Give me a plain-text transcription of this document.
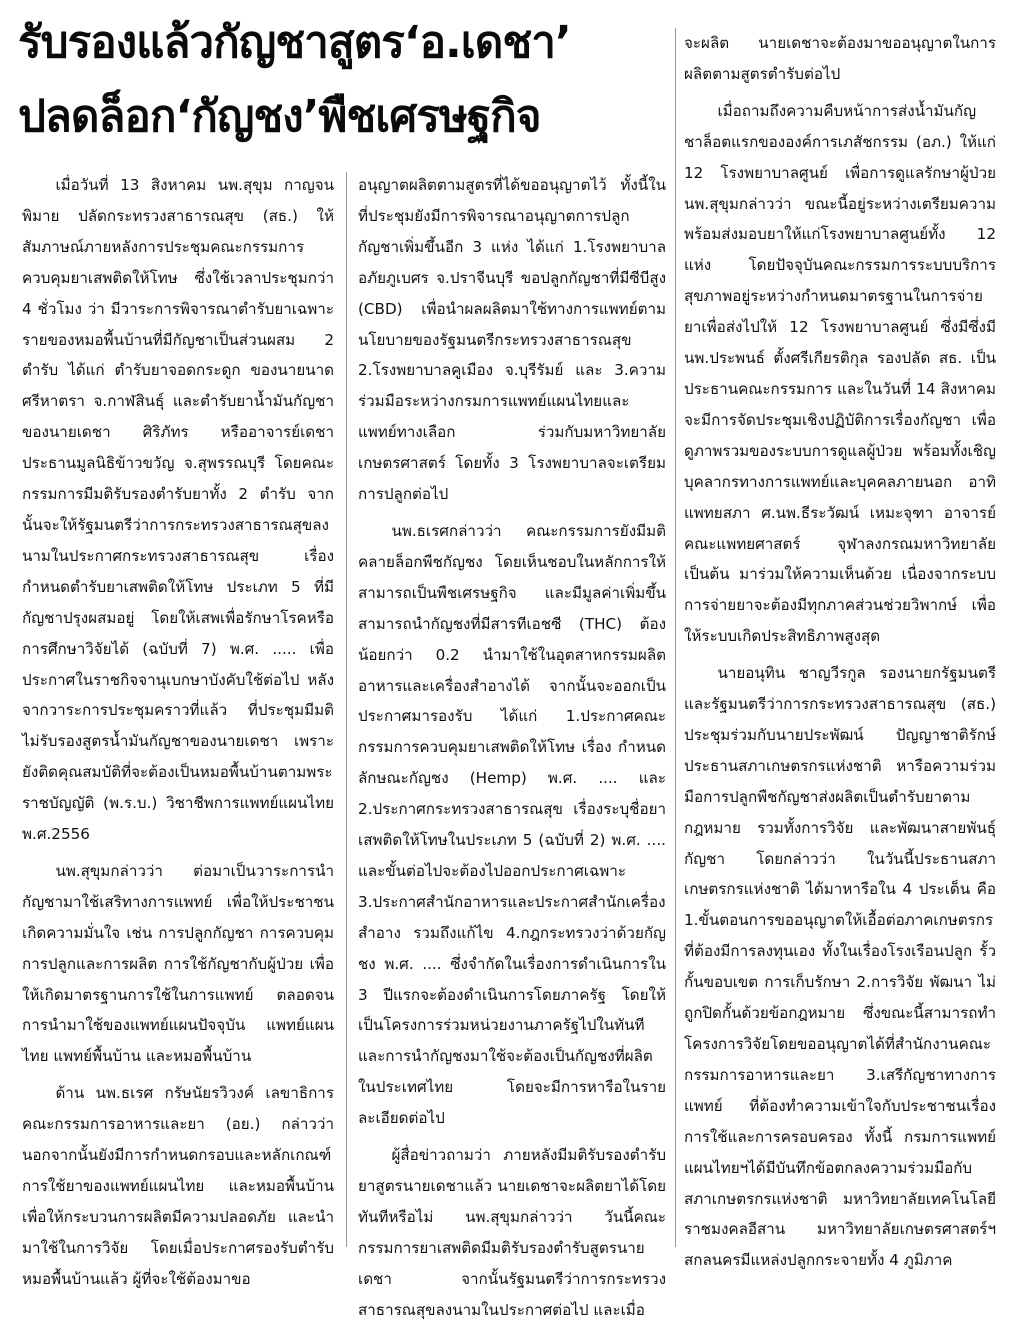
รับรองแล้วกัญชาสูตร‘อ.เดชา’
ปลดล็อก‘กัญชง’พืชเศรษฐกิจ

เมื่อวันที่ 13 สิงหาคม นพ.สุขุม กาญจนพิมาย ปลัดกระทรวงสาธารณสุข (สธ.) ให้สัมภาษณ์ภายหลังการประชุมคณะกรรมการควบคุมยาเสพติดให้โทษ ซึ่งใช้เวลาประชุมกว่า 4 ชั่วโมง ว่า มีวาระการพิจารณาตำรับยาเฉพาะรายของหมอพื้นบ้านที่มีกัญชาเป็นส่วนผสม 2 ตำรับ ได้แก่ ตำรับยาจอดกระดูก ของนายนาด ศรีหาตรา จ.กาฬสินธุ์ และตำรับยาน้ำมันกัญชาของนายเดชา ศิริภัทร หรืออาจารย์เดชา ประธานมูลนิธิข้าวขวัญ จ.สุพรรณบุรี โดยคณะกรรมการมีมติรับรองตำรับยาทั้ง 2 ตำรับ จากนั้นจะให้รัฐมนตรีว่าการกระทรวงสาธารณสุขลงนามในประกาศกระทรวงสาธารณสุข เรื่อง กำหนดตำรับยาเสพติดให้โทษ ประเภท 5 ที่มีกัญชาปรุงผสมอยู่ โดยให้เสพเพื่อรักษาโรคหรือการศึกษาวิจัยได้ (ฉบับที่ 7) พ.ศ. ..... เพื่อประกาศในราชกิจจานุเบกษาบังคับใช้ต่อไป หลังจากวาระการประชุมคราวที่แล้ว ที่ประชุมมีมติไม่รับรองสูตรน้ำมันกัญชาของนายเดชา เพราะยังติดคุณสมบัติที่จะต้องเป็นหมอพื้นบ้านตามพระราชบัญญัติ (พ.ร.บ.) วิชาชีพการแพทย์แผนไทย พ.ศ.2556

นพ.สุขุมกล่าวว่า ต่อมาเป็นวาระการนำกัญชามาใช้เสริทางการแพทย์ เพื่อให้ประชาชนเกิดความมั่นใจ เช่น การปลูกกัญชา การควบคุมการปลูกและการผลิต การใช้กัญชากับผู้ป่วย เพื่อให้เกิดมาตรฐานการใช้ในการแพทย์ ตลอดจนการนำมาใช้ของแพทย์แผนปัจจุบัน แพทย์แผนไทย แพทย์พื้นบ้าน และหมอพื้นบ้าน

ด้าน นพ.ธเรศ กรัษนัยรวิวงค์ เลขาธิการคณะกรรมการอาหารและยา (อย.) กล่าวว่า นอกจากนั้นยังมีการกำหนดกรอบและหลักเกณฑ์การใช้ยาของแพทย์แผนไทย และหมอพื้นบ้าน เพื่อให้กระบวนการผลิตมีความปลอดภัย และนำมาใช้ในการวิจัย โดยเมื่อประกาศรองรับตำรับหมอพื้นบ้านแล้ว ผู้ที่จะใช้ต้องมาขอ

อนุญาตผลิตตามสูตรที่ได้ขออนุญาตไว้ ทั้งนี้ในที่ประชุมยังมีการพิจารณาอนุญาตการปลูกกัญชาเพิ่มขึ้นอีก 3 แห่ง ได้แก่ 1.โรงพยาบาลอภัยภูเบศร จ.ปราจีนบุรี ขอปลูกกัญชาที่มีซีบีสูง (CBD) เพื่อนำผลผลิตมาใช้ทางการแพทย์ตามนโยบายของรัฐมนตรีกระทรวงสาธารณสุข 2.โรงพยาบาลคูเมือง จ.บุรีรัมย์ และ 3.ความร่วมมือระหว่างกรมการแพทย์แผนไทยและแพทย์ทางเลือก ร่วมกับมหาวิทยาลัยเกษตรศาสตร์ โดยทั้ง 3 โรงพยาบาลจะเตรียมการปลูกต่อไป

นพ.ธเรศกล่าวว่า คณะกรรมการยังมีมติคลายล็อกพืชกัญชง โดยเห็นชอบในหลักการให้สามารถเป็นพืชเศรษฐกิจ และมีมูลค่าเพิ่มขึ้น สามารถนำกัญชงที่มีสารทีเอชซี (THC) ต้องน้อยกว่า 0.2 นำมาใช้ในอุตสาหกรรมผลิตอาหารและเครื่องสำอางได้ จากนั้นจะออกเป็นประกาศมารองรับ ได้แก่ 1.ประกาศคณะกรรมการควบคุมยาเสพติดให้โทษ เรื่อง กำหนดลักษณะกัญชง (Hemp) พ.ศ. .... และ 2.ประกาศกระทรวงสาธารณสุข เรื่องระบุชื่อยาเสพติดให้โทษในประเภท 5 (ฉบับที่ 2) พ.ศ. .... และขั้นต่อไปจะต้องไปออกประกาศเฉพาะ 3.ประกาศสำนักอาหารและประกาศสำนักเครื่องสำอาง รวมถึงแก้ไข 4.กฎกระทรวงว่าด้วยกัญชง พ.ศ. .... ซึ่งจำกัดในเรื่องการดำเนินการใน 3 ปีแรกจะต้องดำเนินการโดยภาครัฐ โดยให้เป็นโครงการร่วมหน่วยงานภาครัฐไปในทันที และการนำกัญชงมาใช้จะต้องเป็นกัญชงที่ผลิตในประเทศไทย โดยจะมีการหารือในรายละเอียดต่อไป

ผู้สื่อข่าวถามว่า ภายหลังมีมติรับรองตำรับยาสูตรนายเดชาแล้ว นายเดชาจะผลิตยาได้โดยทันทีหรือไม่ นพ.สุขุมกล่าวว่า วันนี้คณะกรรมการยาเสพติดมีมติรับรองตำรับสูตรนายเดชา จากนั้นรัฐมนตรีว่าการกระทรวงสาธารณสุขลงนามในประกาศต่อไป และเมื่อ

จะผลิต นายเดชาจะต้องมาขออนุญาตในการผลิตตามสูตรตำรับต่อไป

เมื่อถามถึงความคืบหน้าการส่งน้ำมันกัญชาล็อตแรกขององค์การเภสัชกรรม (อภ.) ให้แก่ 12 โรงพยาบาลศูนย์ เพื่อการดูแลรักษาผู้ป่วย นพ.สุขุมกล่าวว่า ขณะนี้อยู่ระหว่างเตรียมความพร้อมส่งมอบยาให้แก่โรงพยาบาลศูนย์ทั้ง 12 แห่ง โดยปัจจุบันคณะกรรมการระบบบริการสุขภาพอยู่ระหว่างกำหนดมาตรฐานในการจ่ายยาเพื่อส่งไปให้ 12 โรงพยาบาลศูนย์ ซึ่งมีซึ่งมี นพ.ประพนธ์ ตั้งศรีเกียรติกุล รองปลัด สธ. เป็นประธานคณะกรรมการ และในวันที่ 14 สิงหาคม จะมีการจัดประชุมเชิงปฏิบัติการเรื่องกัญชา เพื่อดูภาพรวมของระบบการดูแลผู้ป่วย พร้อมทั้งเชิญบุคลากรทางการแพทย์และบุคคลภายนอก อาทิ แพทยสภา ศ.นพ.ธีระวัฒน์ เหมะจุฑา อาจารย์คณะแพทยศาสตร์ จุฬาลงกรณมหาวิทยาลัย เป็นต้น มาร่วมให้ความเห็นด้วย เนื่องจากระบบการจ่ายยาจะต้องมีทุกภาคส่วนช่วยวิพากษ์ เพื่อให้ระบบเกิดประสิทธิภาพสูงสุด

นายอนุทิน ชาญวีรกูล รองนายกรัฐมนตรีและรัฐมนตรีว่าการกระทรวงสาธารณสุข (สธ.) ประชุมร่วมกับนายประพัฒน์ ปัญญาชาติรักษ์ ประธานสภาเกษตรกรแห่งชาติ หารือความร่วมมือการปลูกพืชกัญชาส่งผลิตเป็นตำรับยาตามกฎหมาย รวมทั้งการวิจัย และพัฒนาสายพันธุ์กัญชา โดยกล่าวว่า ในวันนี้ประธานสภาเกษตรกรแห่งชาติ ได้มาหารือใน 4 ประเด็น คือ 1.ขั้นตอนการขออนุญาตให้เอื้อต่อภาคเกษตรกรที่ต้องมีการลงทุนเอง ทั้งในเรื่องโรงเรือนปลูก รั้วกั้นขอบเขต การเก็บรักษา 2.การวิจัย พัฒนา ไม่ถูกปิดกั้นด้วยข้อกฎหมาย ซึ่งขณะนี้สามารถทำโครงการวิจัยโดยขออนุญาตได้ที่สำนักงานคณะกรรมการอาหารและยา 3.เสรีกัญชาทางการแพทย์ ที่ต้องทำความเข้าใจกับประชาชนเรื่องการใช้และการครอบครอง ทั้งนี้ กรมการแพทย์แผนไทยฯได้มีบันทึกข้อตกลงความร่วมมือกับสภาเกษตรกรแห่งชาติ มหาวิทยาลัยเทคโนโลยีราชมงคลอีสาน มหาวิทยาลัยเกษตรศาสตร์ฯ สกลนครมีแหล่งปลูกกระจายทั้ง 4 ภูมิภาค
